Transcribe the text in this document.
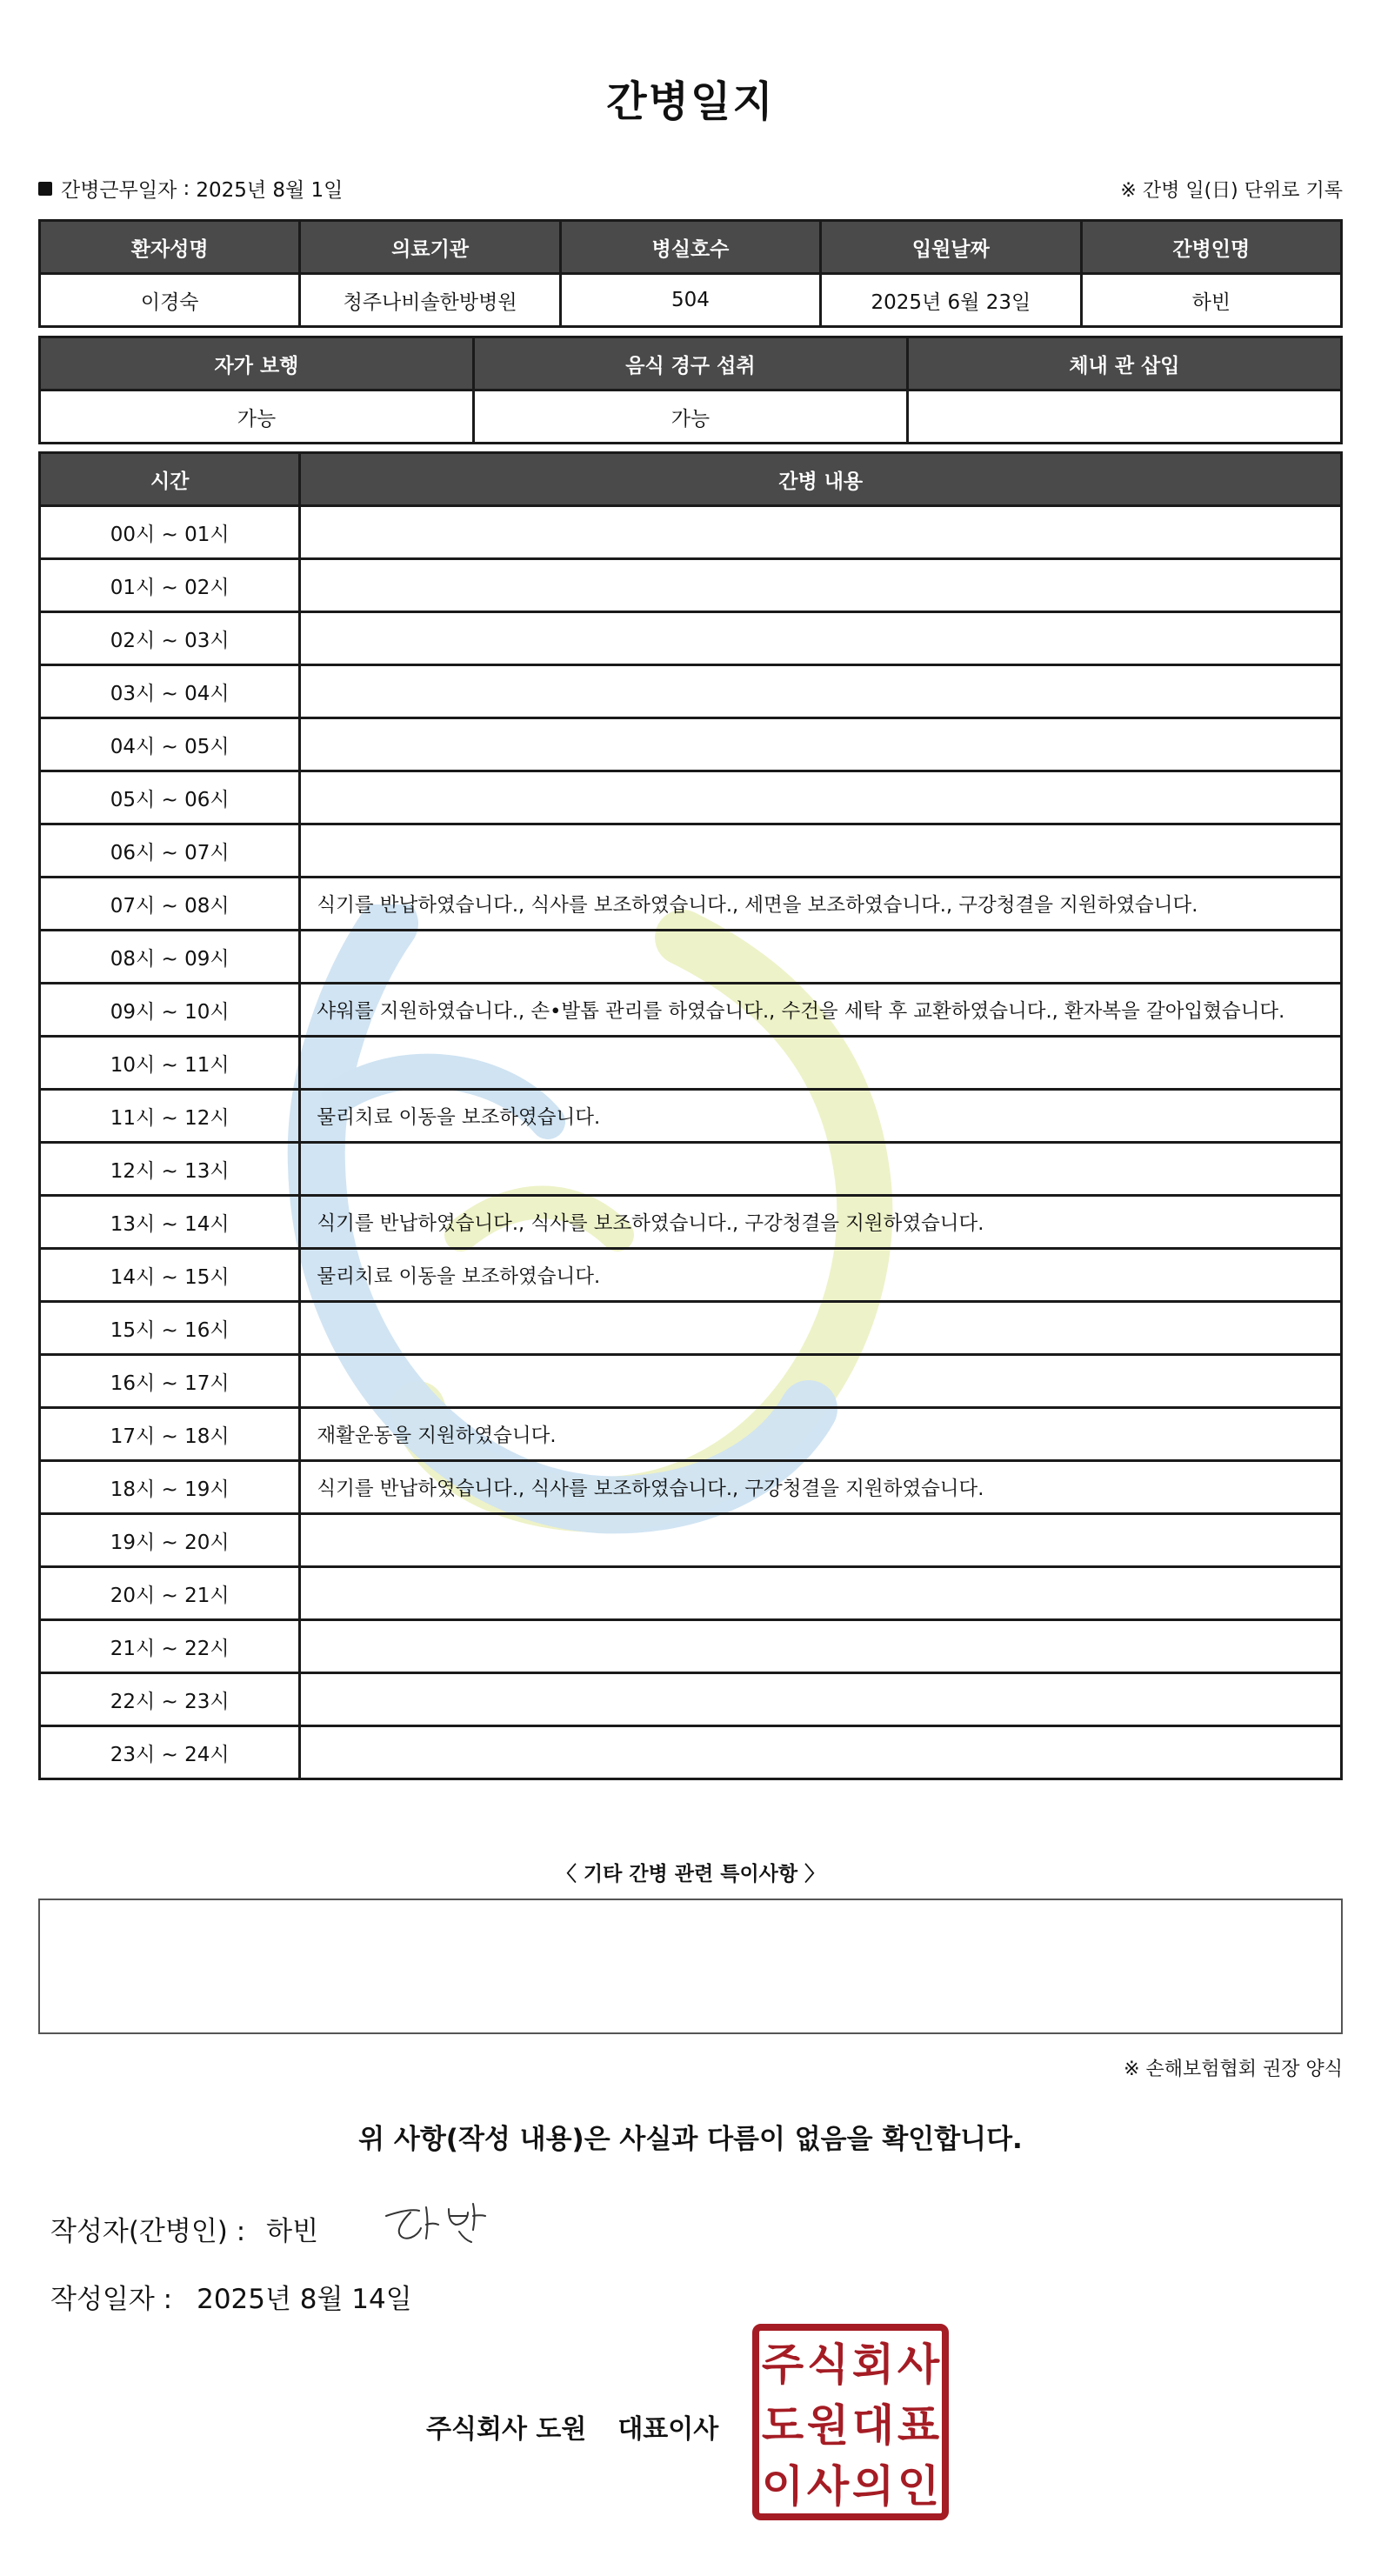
간병일지
간병근무일자 : 2025년 8월 1일	※ 간병 일(日) 단위로 기록
환자성명	의료기관	병실호수	입원날짜	간병인명
이경숙	청주나비솔한방병원	504	2025년 6월 23일	하빈
자가 보행	음식 경구 섭취	체내 관 삽입
가능	가능	
시간	간병 내용
00시 ~ 01시	
01시 ~ 02시	
02시 ~ 03시	
03시 ~ 04시	
04시 ~ 05시	
05시 ~ 06시	
06시 ~ 07시	
07시 ~ 08시	식기를 반납하였습니다., 식사를 보조하였습니다., 세면을 보조하였습니다., 구강청결을 지원하였습니다.
08시 ~ 09시	
09시 ~ 10시	샤워를 지원하였습니다., 손•발톱 관리를 하였습니다., 수건을 세탁 후 교환하였습니다., 환자복을 갈아입혔습니다.
10시 ~ 11시	
11시 ~ 12시	물리치료 이동을 보조하였습니다.
12시 ~ 13시	
13시 ~ 14시	식기를 반납하였습니다., 식사를 보조하였습니다., 구강청결을 지원하였습니다.
14시 ~ 15시	물리치료 이동을 보조하였습니다.
15시 ~ 16시	
16시 ~ 17시	
17시 ~ 18시	재활운동을 지원하였습니다.
18시 ~ 19시	식기를 반납하였습니다., 식사를 보조하였습니다., 구강청결을 지원하였습니다.
19시 ~ 20시	
20시 ~ 21시	
21시 ~ 22시	
22시 ~ 23시	
23시 ~ 24시	
〈 기타 간병 관련 특이사항 〉
※ 손해보험협회 권장 양식
위 사항(작성 내용)은 사실과 다름이 없음을 확인합니다.
작성자(간병인) : 하빈
작성일자 : 2025년 8월 14일
주식회사 도원 대표이사
주 식 회 사
도 원 대 표
이 사 의 인
